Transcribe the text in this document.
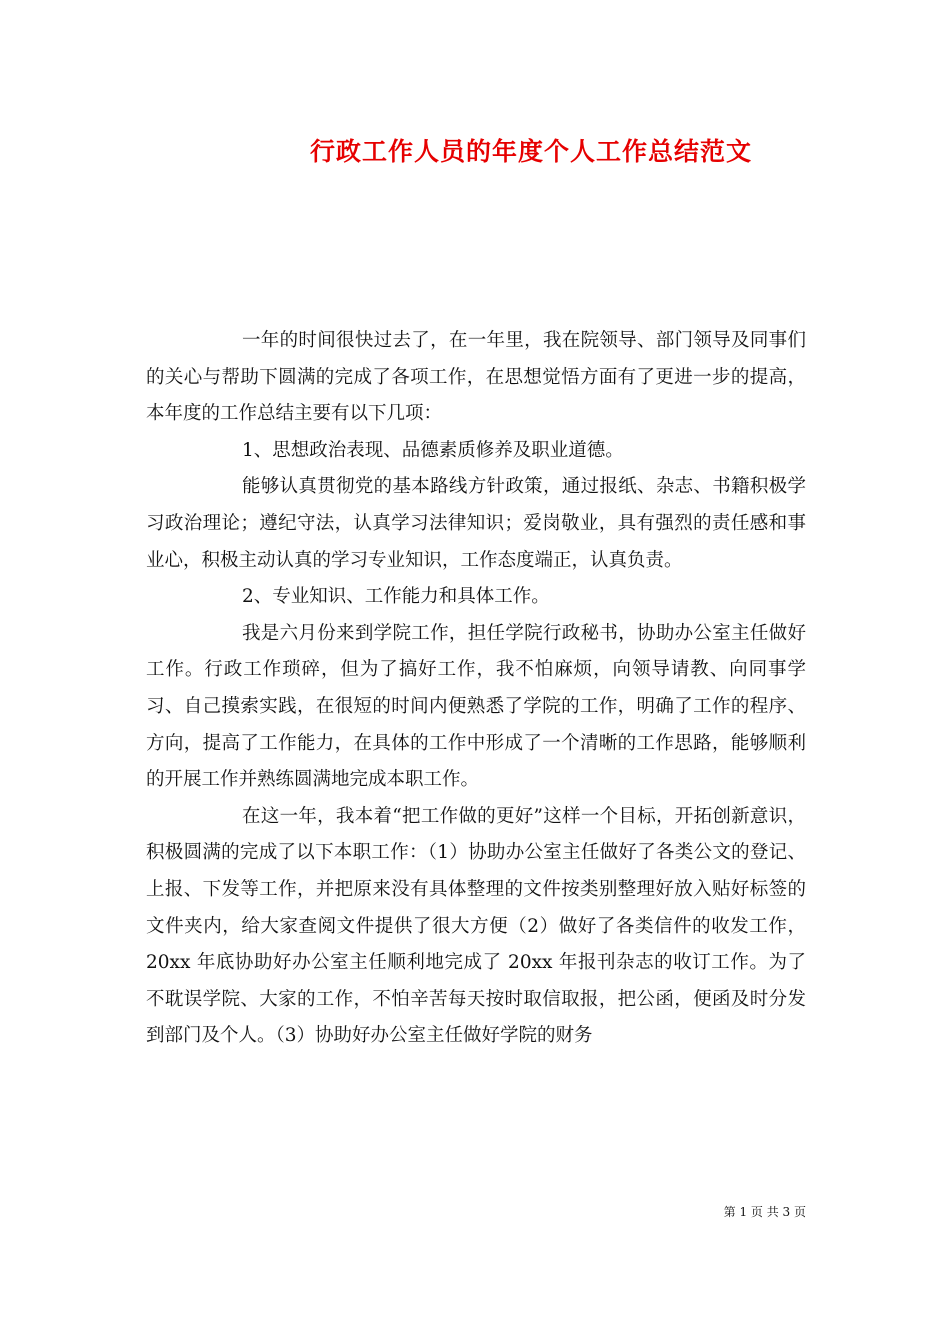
行政工作人员的年度个人工作总结范文

一年的时间很快过去了，在一年里，我在院领导、部门领导及同事们的关心与帮助下圆满的完成了各项工作，在思想觉悟方面有了更进一步的提高，本年度的工作总结主要有以下几项：

1、思想政治表现、品德素质修养及职业道德。

能够认真贯彻党的基本路线方针政策，通过报纸、杂志、书籍积极学习政治理论；遵纪守法，认真学习法律知识；爱岗敬业，具有强烈的责任感和事业心，积极主动认真的学习专业知识，工作态度端正，认真负责。

2、专业知识、工作能力和具体工作。

我是六月份来到学院工作，担任学院行政秘书，协助办公室主任做好工作。行政工作琐碎，但为了搞好工作，我不怕麻烦，向领导请教、向同事学习、自己摸索实践，在很短的时间内便熟悉了学院的工作，明确了工作的程序、方向，提高了工作能力，在具体的工作中形成了一个清晰的工作思路，能够顺利的开展工作并熟练圆满地完成本职工作。

在这一年，我本着“把工作做的更好”这样一个目标，开拓创新意识，积极圆满的完成了以下本职工作：（1）协助办公室主任做好了各类公文的登记、上报、下发等工作，并把原来没有具体整理的文件按类别整理好放入贴好标签的文件夹内，给大家查阅文件提供了很大方便（2）做好了各类信件的收发工作，20xx 年底协助好办公室主任顺利地完成了 20xx 年报刊杂志的收订工作。为了不耽误学院、大家的工作，不怕辛苦每天按时取信取报，把公函，便函及时分发到部门及个人。（3）协助好办公室主任做好学院的财务

第 1 页 共 3 页
